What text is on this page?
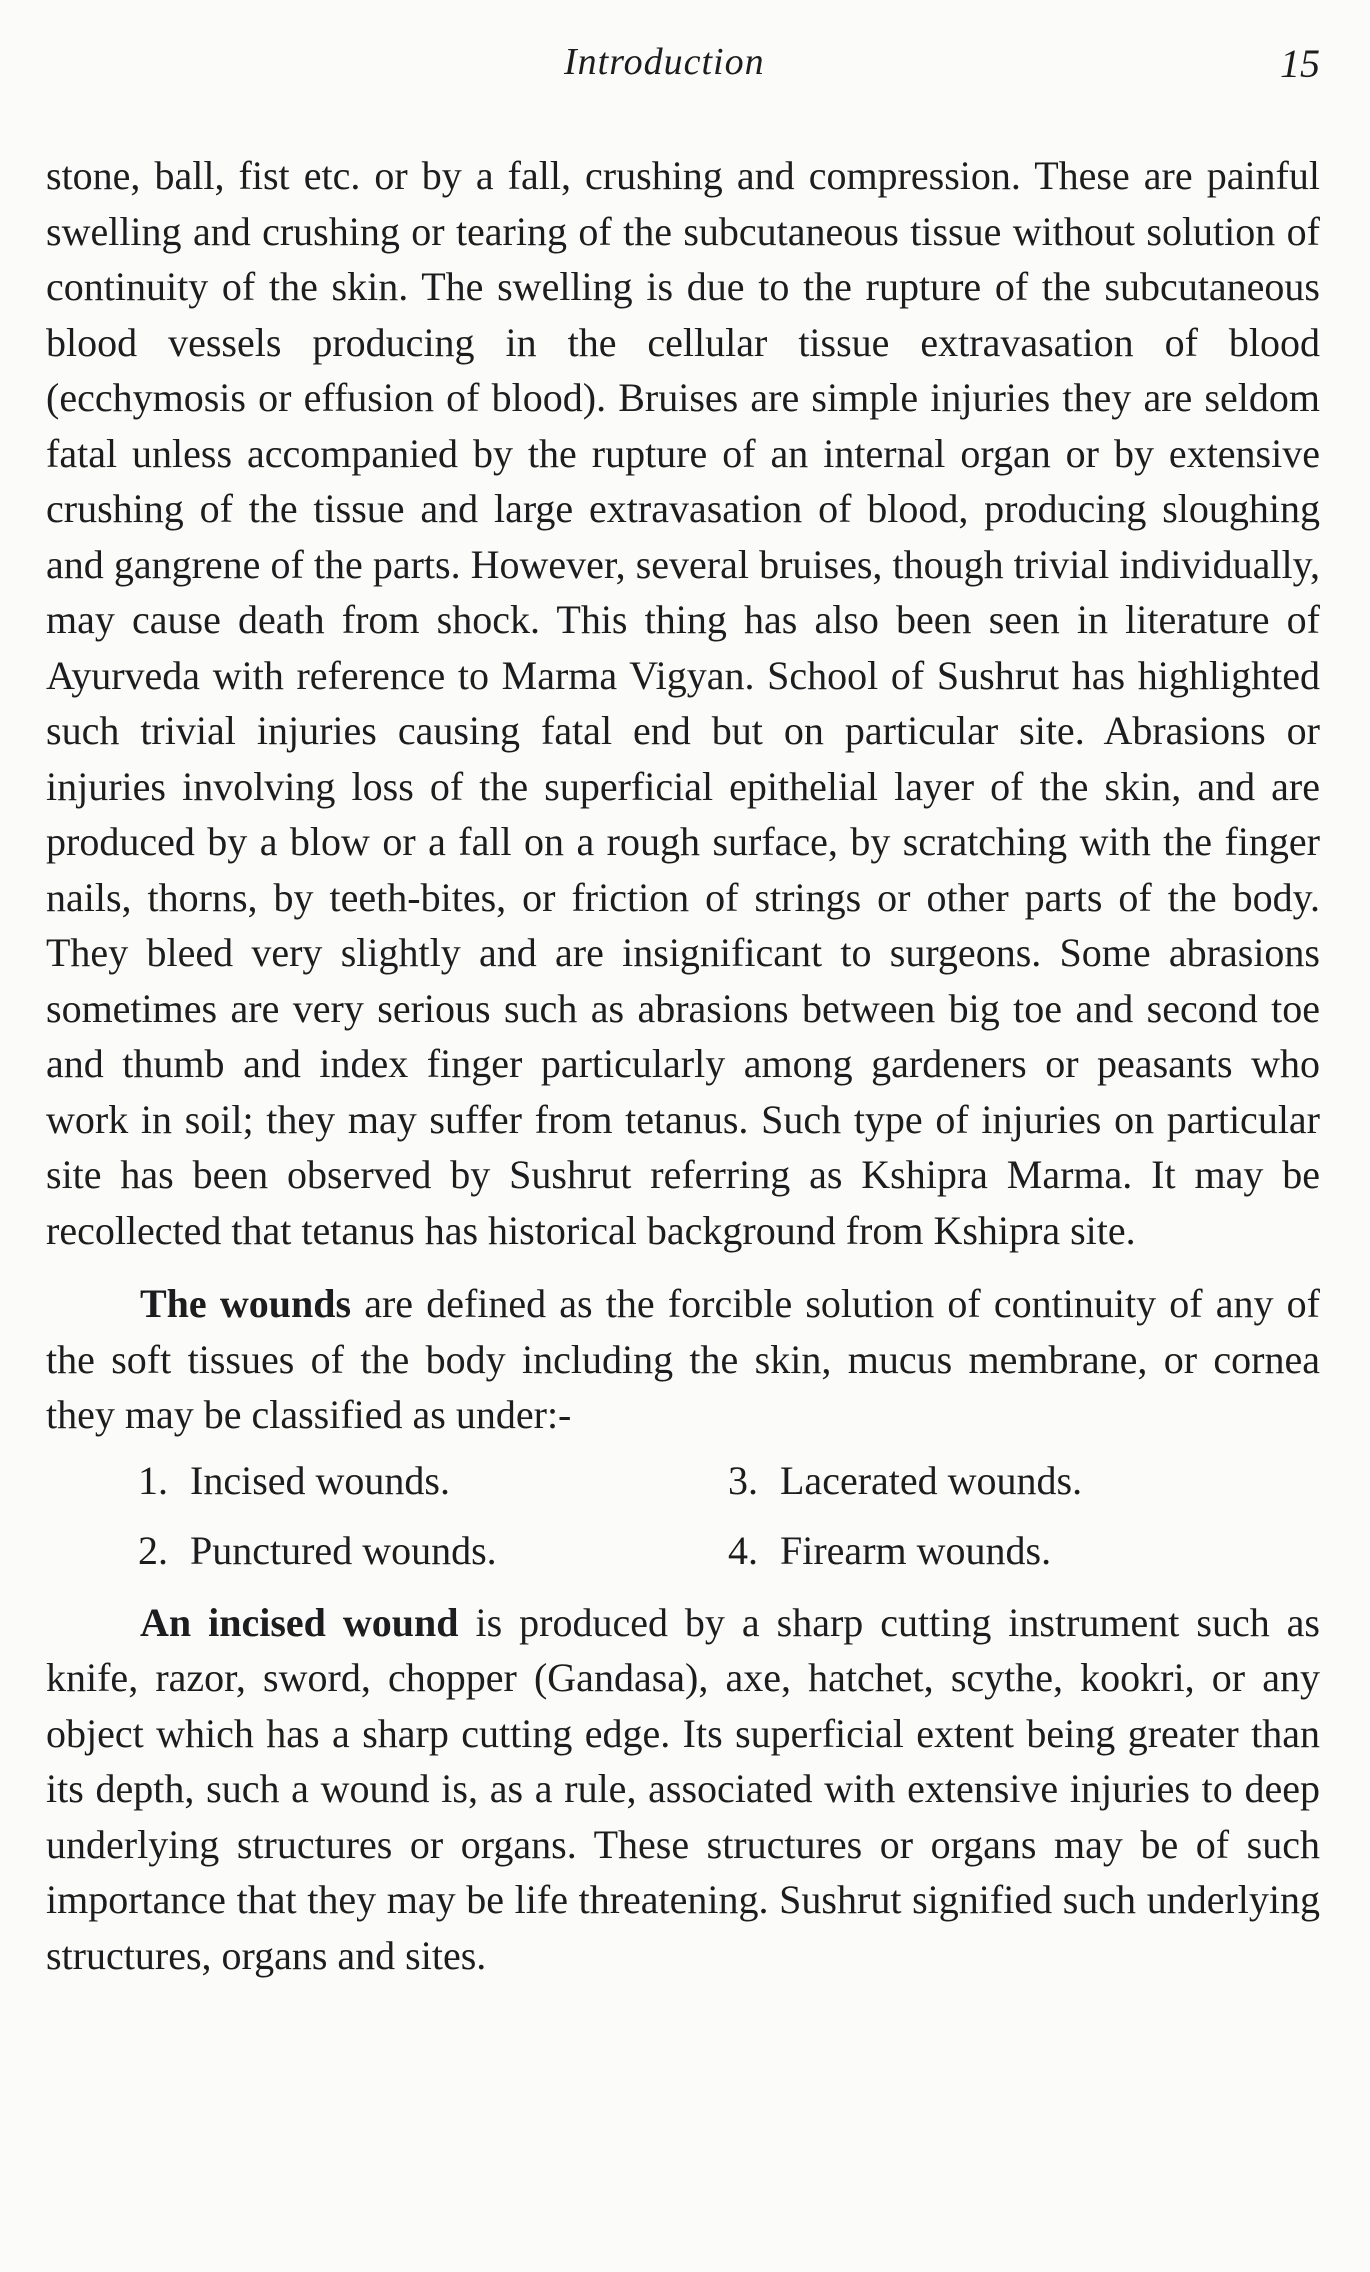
Introduction	15

stone, ball, fist etc. or by a fall, crushing and compression. These are painful swelling and crushing or tearing of the subcutaneous tissue without solution of continuity of the skin. The swelling is due to the rupture of the subcutaneous blood vessels producing in the cellular tissue extravasation of blood (ecchymosis or effusion of blood). Bruises are simple injuries they are seldom fatal unless accompanied by the rupture of an internal organ or by extensive crushing of the tissue and large extravasation of blood, producing sloughing and gangrene of the parts. However, several bruises, though trivial individually, may cause death from shock. This thing has also been seen in literature of Ayurveda with reference to Marma Vigyan. School of Sushrut has highlighted such trivial injuries causing fatal end but on particular site. Abrasions or injuries involving loss of the superficial epithelial layer of the skin, and are produced by a blow or a fall on a rough surface, by scratching with the finger nails, thorns, by teeth-bites, or friction of strings or other parts of the body. They bleed very slightly and are insignificant to surgeons. Some abrasions sometimes are very serious such as abrasions between big toe and second toe and thumb and index finger particularly among gardeners or peasants who work in soil; they may suffer from tetanus. Such type of injuries on particular site has been observed by Sushrut referring as Kshipra Marma. It may be recollected that tetanus has historical background from Kshipra site.

The wounds are defined as the forcible solution of continuity of any of the soft tissues of the body including the skin, mucus membrane, or cornea they may be classified as under:-

1. Incised wounds.	3. Lacerated wounds.
2. Punctured wounds.	4. Firearm wounds.

An incised wound is produced by a sharp cutting instrument such as knife, razor, sword, chopper (Gandasa), axe, hatchet, scythe, kookri, or any object which has a sharp cutting edge. Its superficial extent being greater than its depth, such a wound is, as a rule, associated with extensive injuries to deep underlying structures or organs. These structures or organs may be of such importance that they may be life threatening. Sushrut signified such underlying structures, organs and sites.
